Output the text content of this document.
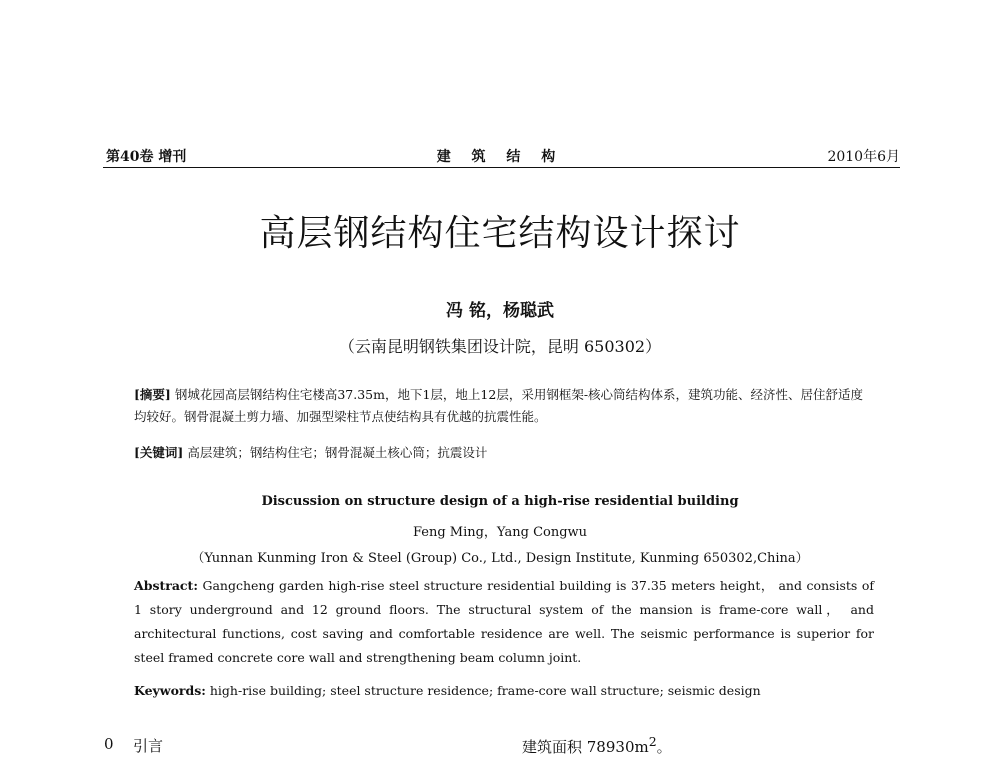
第40卷 增刊	建 筑 结 构	2010年6月
高层钢结构住宅结构设计探讨
冯 铭，杨聪武
（云南昆明钢铁集团设计院，昆明 650302）
[摘要] 钢城花园高层钢结构住宅楼高37.35m，地下1层，地上12层，采用钢框架-核心筒结构体系，建筑功能、经济性、居住舒适度均较好。钢骨混凝土剪力墙、加强型梁柱节点使结构具有优越的抗震性能。
[关键词] 高层建筑；钢结构住宅；钢骨混凝土核心筒；抗震设计
Discussion on structure design of a high-rise residential building
Feng Ming，Yang Congwu
（Yunnan Kunming Iron & Steel (Group) Co., Ltd., Design Institute, Kunming 650302,China）
Abstract: Gangcheng garden high-rise steel structure residential building is 37.35 meters height， and consists of 1 story underground and 12 ground floors. The structural system of the mansion is frame-core wall， and architectural functions, cost saving and comfortable residence are well. The seismic performance is superior for steel framed concrete core wall and strengthening beam column joint.
Keywords: high-rise building; steel structure residence; frame-core wall structure; seismic design
0 引言	建筑面积 $78930m^2$。
